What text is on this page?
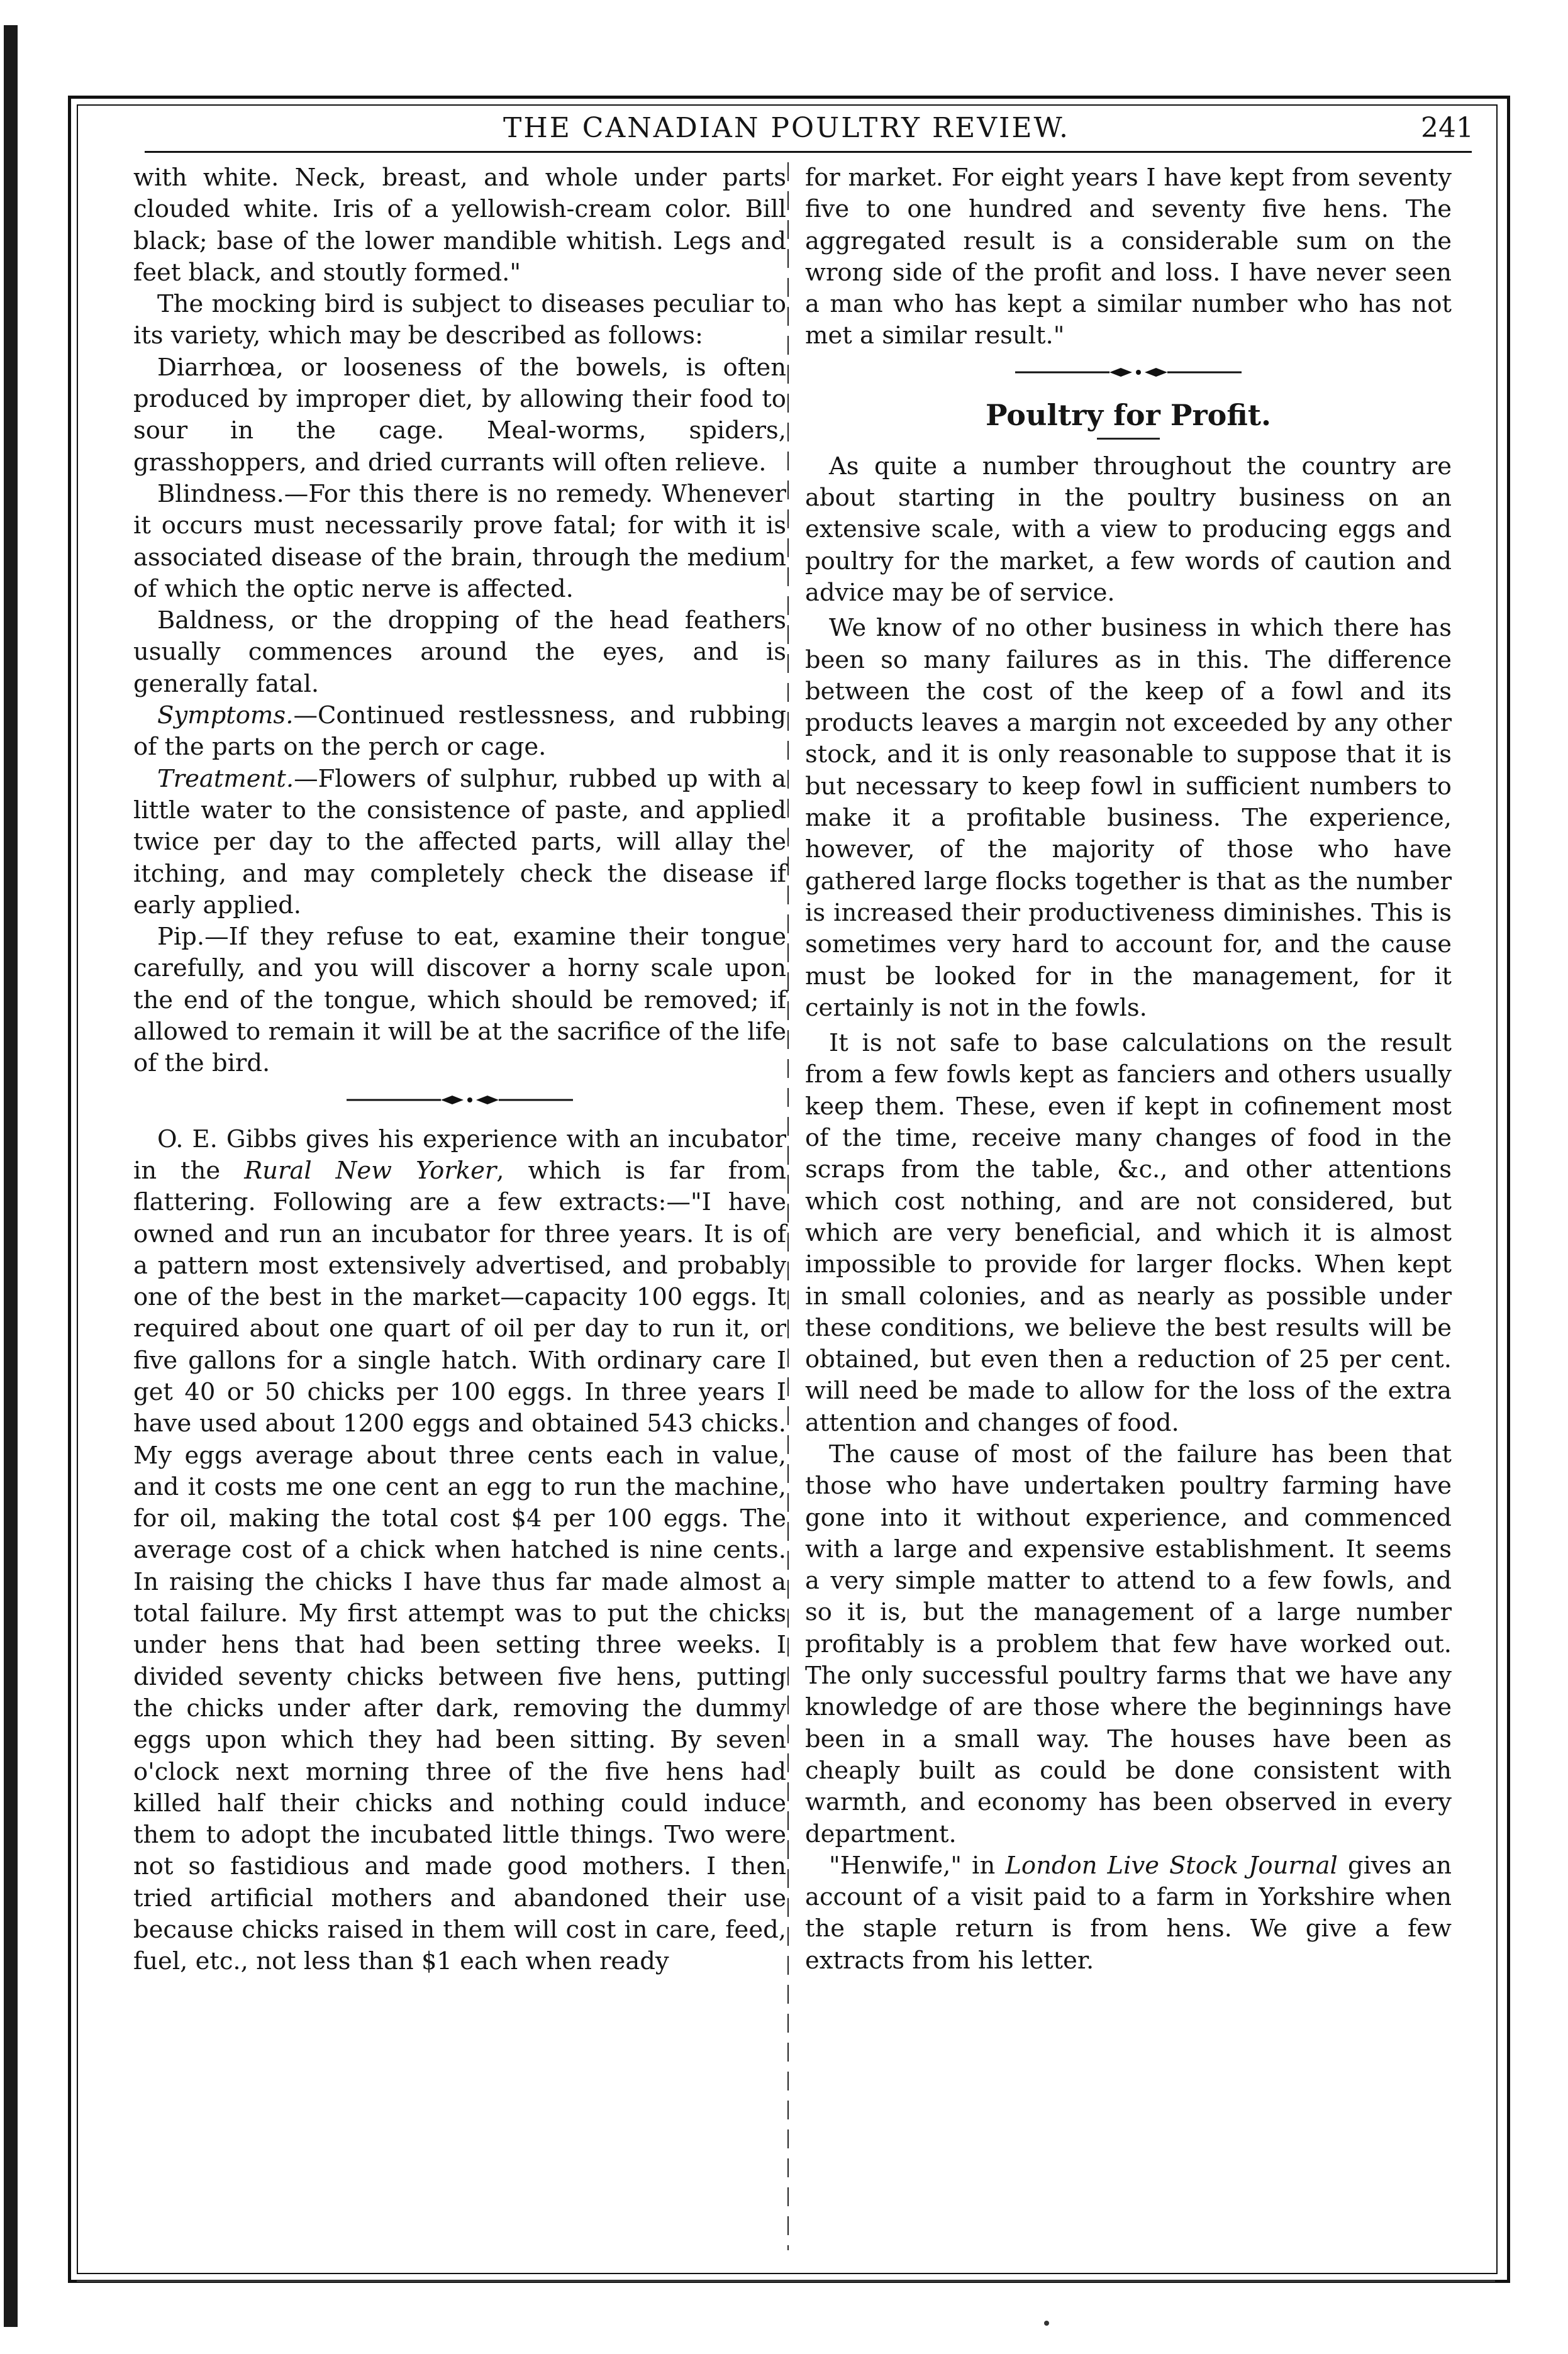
THE CANADIAN POULTRY REVIEW.	241

with white. Neck, breast, and whole under parts clouded white. Iris of a yellowish-cream color. Bill black; base of the lower mandible whitish. Legs and feet black, and stoutly formed."

The mocking bird is subject to diseases peculiar to its variety, which may be described as follows:

Diarrhœa, or looseness of the bowels, is often produced by improper diet, by allowing their food to sour in the cage. Meal-worms, spiders, grasshoppers, and dried currants will often relieve.

Blindness.—For this there is no remedy. Whenever it occurs must necessarily prove fatal; for with it is associated disease of the brain, through the medium of which the optic nerve is affected.

Baldness, or the dropping of the head feathers usually commences around the eyes, and is generally fatal.

Symptoms.—Continued restlessness, and rubbing of the parts on the perch or cage.

Treatment.—Flowers of sulphur, rubbed up with a little water to the consistence of paste, and applied twice per day to the affected parts, will allay the itching, and may completely check the disease if early applied.

Pip.—If they refuse to eat, examine their tongue carefully, and you will discover a horny scale upon the end of the tongue, which should be removed; if allowed to remain it will be at the sacrifice of the life of the bird.

O. E. Gibbs gives his experience with an incubator in the Rural New Yorker, which is far from flattering. Following are a few extracts:—"I have owned and run an incubator for three years. It is of a pattern most extensively advertised, and probably one of the best in the market—capacity 100 eggs. It required about one quart of oil per day to run it, or five gallons for a single hatch. With ordinary care I get 40 or 50 chicks per 100 eggs. In three years I have used about 1200 eggs and obtained 543 chicks. My eggs average about three cents each in value, and it costs me one cent an egg to run the machine, for oil, making the total cost $4 per 100 eggs. The average cost of a chick when hatched is nine cents. In raising the chicks I have thus far made almost a total failure. My first attempt was to put the chicks under hens that had been setting three weeks. I divided seventy chicks between five hens, putting the chicks under after dark, removing the dummy eggs upon which they had been sitting. By seven o'clock next morning three of the five hens had killed half their chicks and nothing could induce them to adopt the incubated little things. Two were not so fastidious and made good mothers. I then tried artificial mothers and abandoned their use because chicks raised in them will cost in care, feed, fuel, etc., not less than $1 each when ready

for market. For eight years I have kept from seventy five to one hundred and seventy five hens. The aggregated result is a considerable sum on the wrong side of the profit and loss. I have never seen a man who has kept a similar number who has not met a similar result."

Poultry for Profit.

As quite a number throughout the country are about starting in the poultry business on an extensive scale, with a view to producing eggs and poultry for the market, a few words of caution and advice may be of service.

We know of no other business in which there has been so many failures as in this. The difference between the cost of the keep of a fowl and its products leaves a margin not exceeded by any other stock, and it is only reasonable to suppose that it is but necessary to keep fowl in sufficient numbers to make it a profitable business. The experience, however, of the majority of those who have gathered large flocks together is that as the number is increased their productiveness diminishes. This is sometimes very hard to account for, and the cause must be looked for in the management, for it certainly is not in the fowls.

It is not safe to base calculations on the result from a few fowls kept as fanciers and others usually keep them. These, even if kept in cofinement most of the time, receive many changes of food in the scraps from the table, &c., and other attentions which cost nothing, and are not considered, but which are very beneficial, and which it is almost impossible to provide for larger flocks. When kept in small colonies, and as nearly as possible under these conditions, we believe the best results will be obtained, but even then a reduction of 25 per cent. will need be made to allow for the loss of the extra attention and changes of food.

The cause of most of the failure has been that those who have undertaken poultry farming have gone into it without experience, and commenced with a large and expensive establishment. It seems a very simple matter to attend to a few fowls, and so it is, but the management of a large number profitably is a problem that few have worked out. The only successful poultry farms that we have any knowledge of are those where the beginnings have been in a small way. The houses have been as cheaply built as could be done consistent with warmth, and economy has been observed in every department.

"Henwife," in London Live Stock Journal gives an account of a visit paid to a farm in Yorkshire when the staple return is from hens. We give a few extracts from his letter.
